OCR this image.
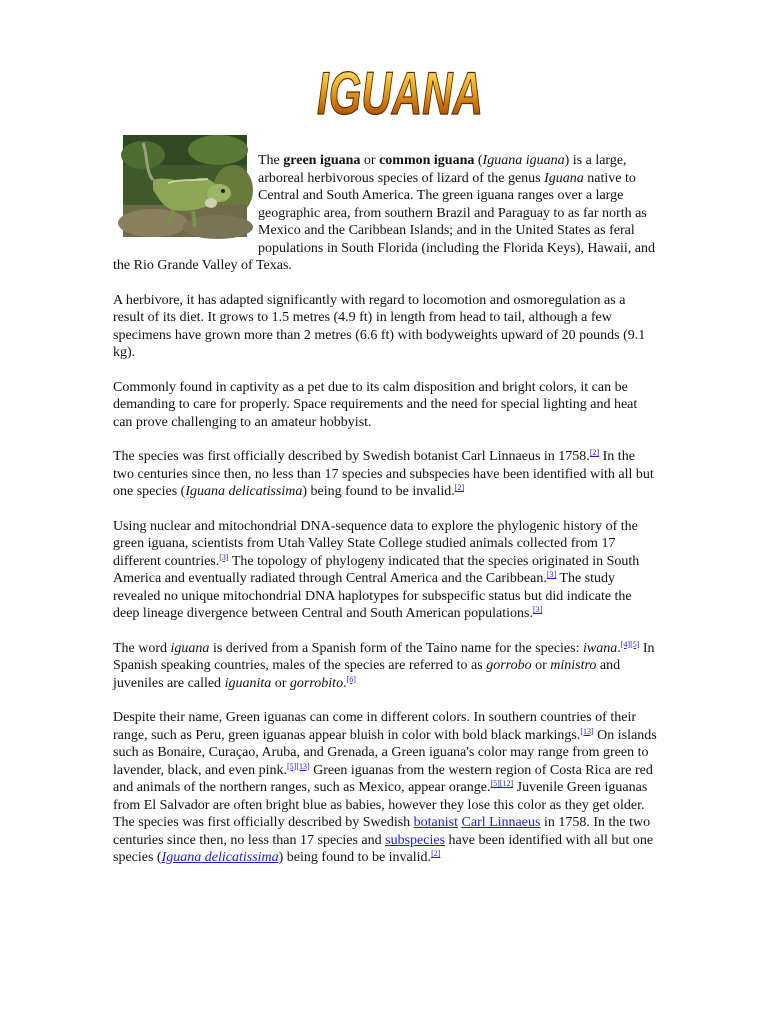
IGUANA

The green iguana or common iguana (Iguana iguana) is a large, arboreal herbivorous species of lizard of the genus Iguana native to Central and South America. The green iguana ranges over a large geographic area, from southern Brazil and Paraguay to as far north as Mexico and the Caribbean Islands; and in the United States as feral populations in South Florida (including the Florida Keys), Hawaii, and the Rio Grande Valley of Texas.

A herbivore, it has adapted significantly with regard to locomotion and osmoregulation as a result of its diet. It grows to 1.5 metres (4.9 ft) in length from head to tail, although a few specimens have grown more than 2 metres (6.6 ft) with bodyweights upward of 20 pounds (9.1 kg).

Commonly found in captivity as a pet due to its calm disposition and bright colors, it can be demanding to care for properly. Space requirements and the need for special lighting and heat can prove challenging to an amateur hobbyist.

The species was first officially described by Swedish botanist Carl Linnaeus in 1758.[2] In the two centuries since then, no less than 17 species and subspecies have been identified with all but one species (Iguana delicatissima) being found to be invalid.[2]

Using nuclear and mitochondrial DNA-sequence data to explore the phylogenic history of the green iguana, scientists from Utah Valley State College studied animals collected from 17 different countries.[3] The topology of phylogeny indicated that the species originated in South America and eventually radiated through Central America and the Caribbean.[3] The study revealed no unique mitochondrial DNA haplotypes for subspecific status but did indicate the deep lineage divergence between Central and South American populations.[3]

The word iguana is derived from a Spanish form of the Taino name for the species: iwana.[4][5] In Spanish speaking countries, males of the species are referred to as gorrobo or ministro and juveniles are called iguanita or gorrobito.[6]

Despite their name, Green iguanas can come in different colors. In southern countries of their range, such as Peru, green iguanas appear bluish in color with bold black markings.[13] On islands such as Bonaire, Curaçao, Aruba, and Grenada, a Green iguana's color may range from green to lavender, black, and even pink.[5][13] Green iguanas from the western region of Costa Rica are red and animals of the northern ranges, such as Mexico, appear orange.[5][12] Juvenile Green iguanas from El Salvador are often bright blue as babies, however they lose this color as they get older. The species was first officially described by Swedish botanist Carl Linnaeus in 1758. In the two centuries since then, no less than 17 species and subspecies have been identified with all but one species (Iguana delicatissima) being found to be invalid.[2]
